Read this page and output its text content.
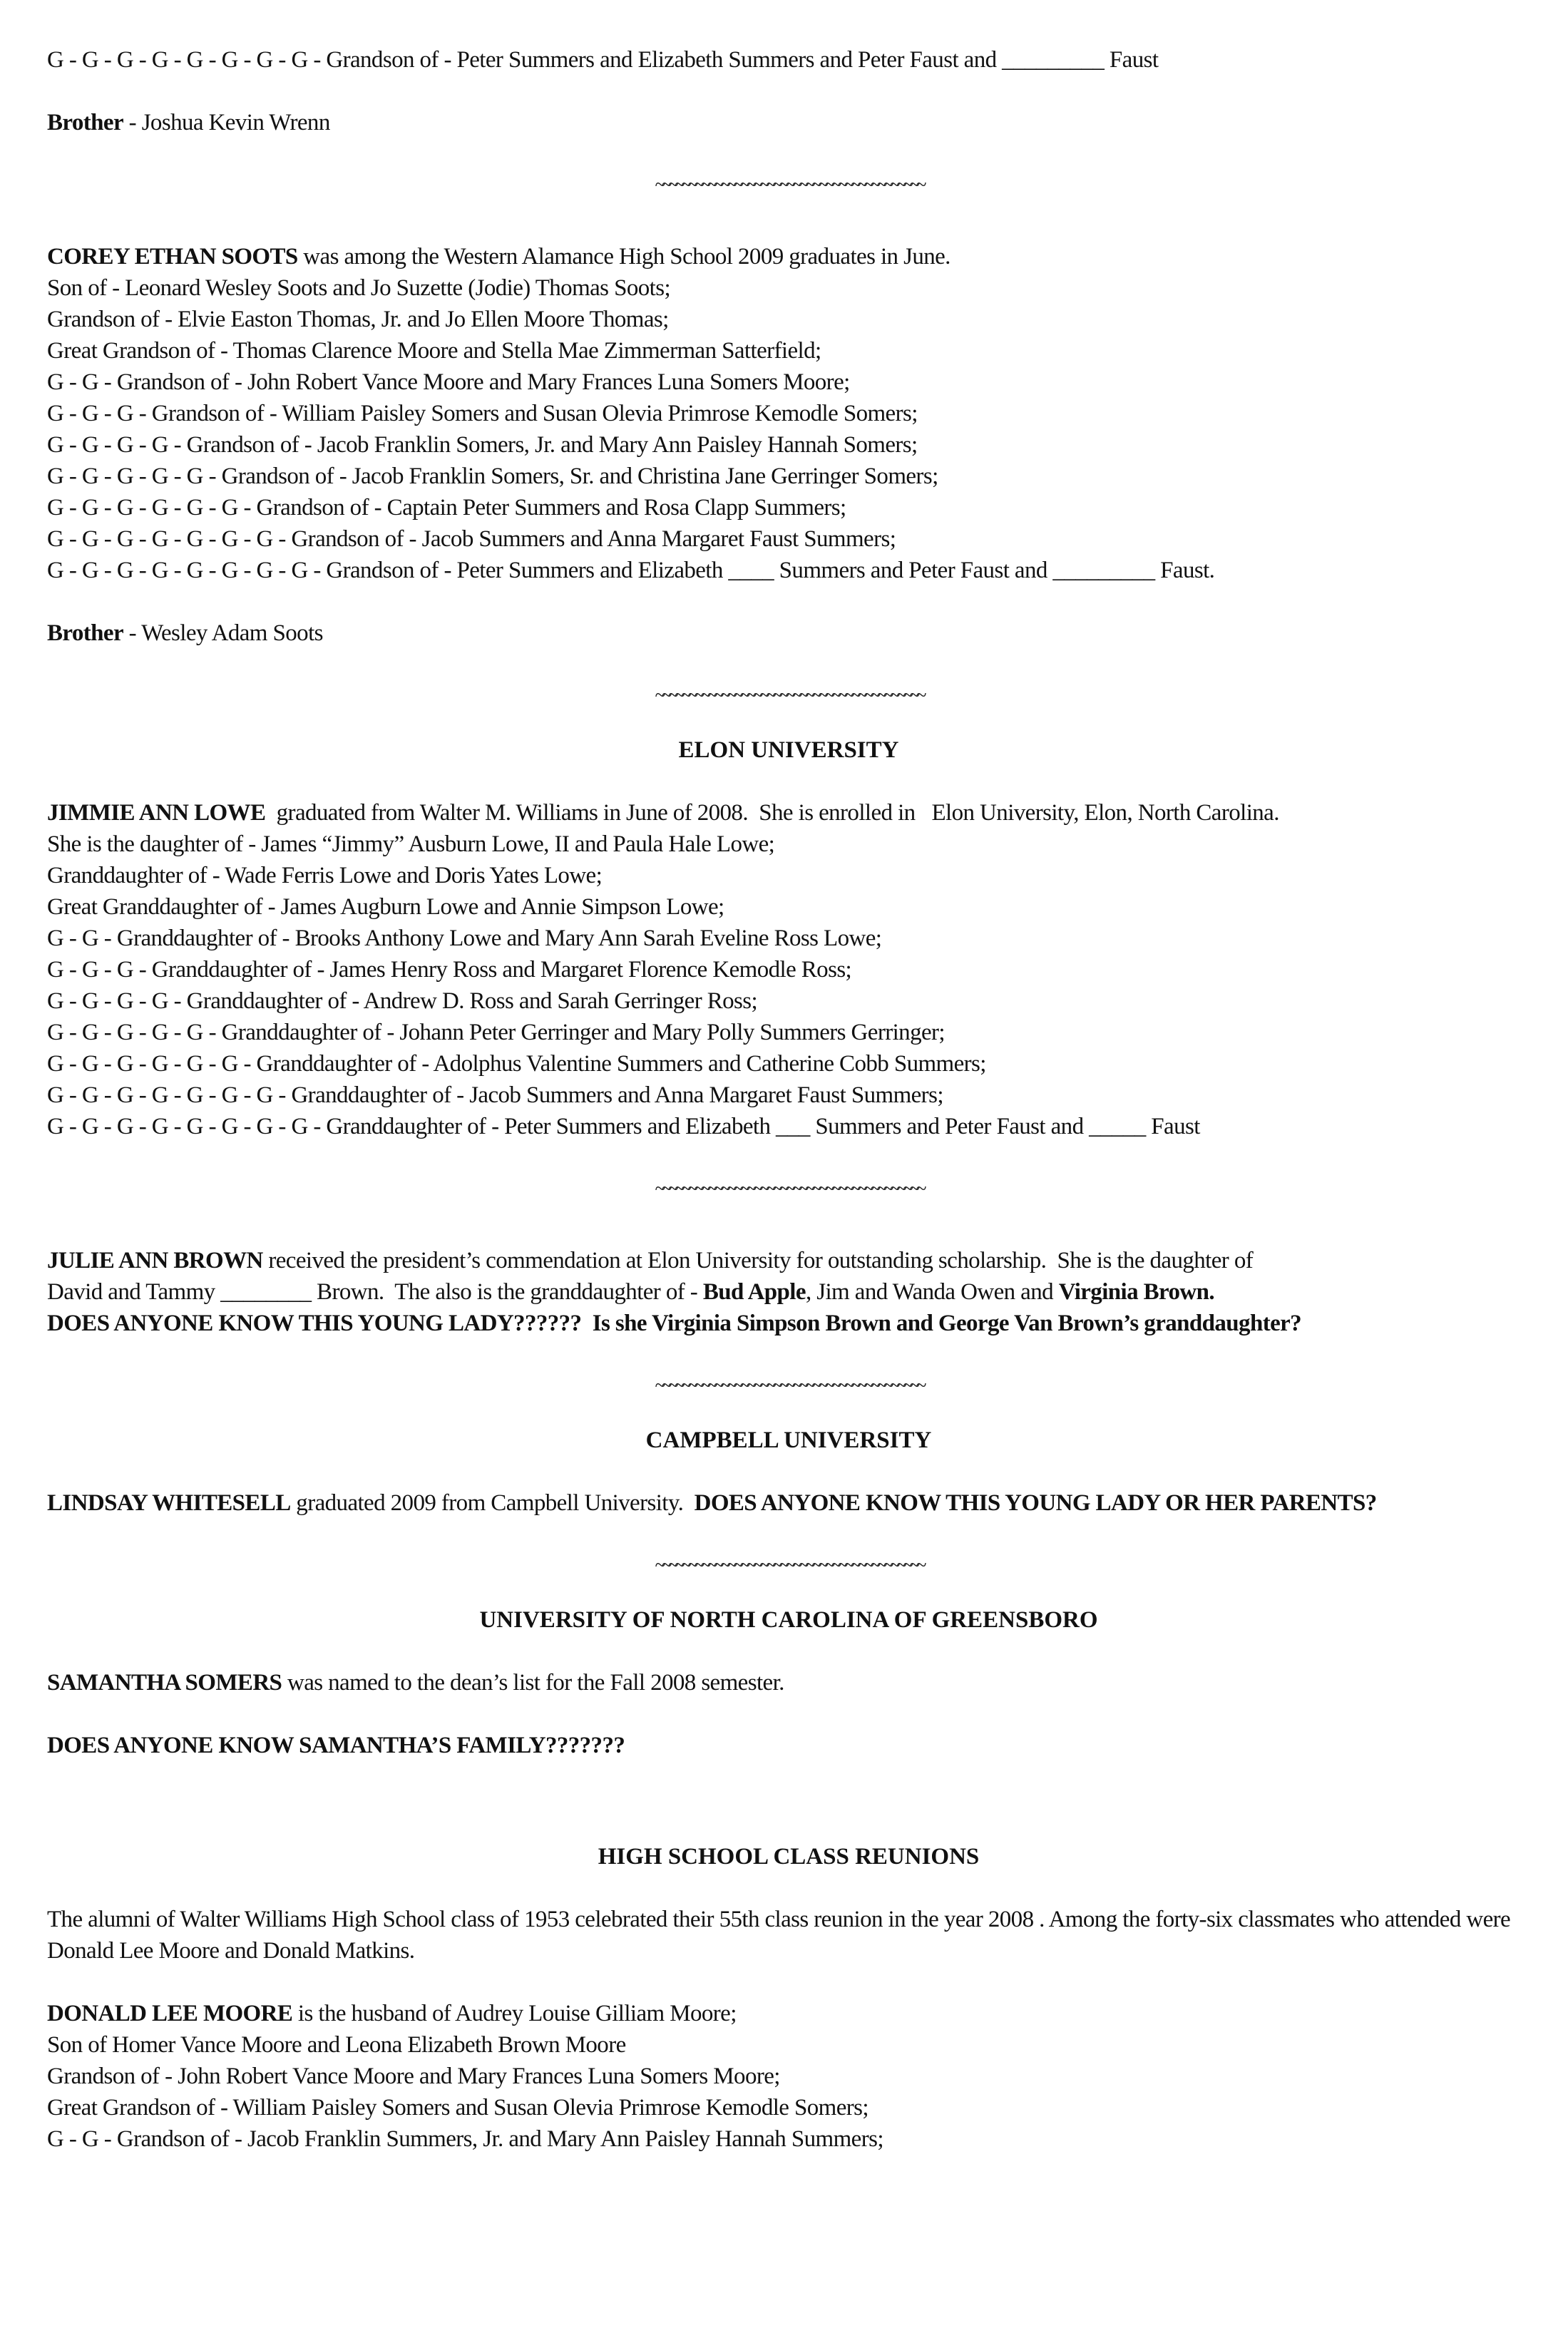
G - G - G - G - G - G - G - G - Grandson of - Peter Summers and Elizabeth Summers and Peter Faust and _________ Faust

Brother - Joshua Kevin Wrenn

~~~~~~~~~~~~~~~~~~~~~~~~~~~~~~~~~~~~~~~~~

COREY ETHAN SOOTS was among the Western Alamance High School 2009 graduates in June.

Son of - Leonard Wesley Soots and Jo Suzette (Jodie) Thomas Soots;

Grandson of - Elvie Easton Thomas, Jr. and Jo Ellen Moore Thomas;

Great Grandson of - Thomas Clarence Moore and Stella Mae Zimmerman Satterfield;

G - G - Grandson of - John Robert Vance Moore and Mary Frances Luna Somers Moore;

G - G - G - Grandson of - William Paisley Somers and Susan Olevia Primrose Kemodle Somers;

G - G - G - G - Grandson of - Jacob Franklin Somers, Jr. and Mary Ann Paisley Hannah Somers;

G - G - G - G - G - Grandson of - Jacob Franklin Somers, Sr. and Christina Jane Gerringer Somers;

G - G - G - G - G - G - Grandson of - Captain Peter Summers and Rosa Clapp Summers;

G - G - G - G - G - G - G - Grandson of - Jacob Summers and Anna Margaret Faust Summers;

G - G - G - G - G - G - G - G - Grandson of - Peter Summers and Elizabeth ____ Summers and Peter Faust and _________ Faust.

Brother - Wesley Adam Soots

~~~~~~~~~~~~~~~~~~~~~~~~~~~~~~~~~~~~~~~~~

ELON UNIVERSITY

JIMMIE ANN LOWE  graduated from Walter M. Williams in June of 2008.  She is enrolled in   Elon University, Elon, North Carolina.

She is the daughter of - James “Jimmy” Ausburn Lowe, II and Paula Hale Lowe;

Granddaughter of - Wade Ferris Lowe and Doris Yates Lowe;

Great Granddaughter of - James Augburn Lowe and Annie Simpson Lowe;

G - G - Granddaughter of - Brooks Anthony Lowe and Mary Ann Sarah Eveline Ross Lowe;

G - G - G - Granddaughter of - James Henry Ross and Margaret Florence Kemodle Ross;

G - G - G - G - Granddaughter of - Andrew D. Ross and Sarah Gerringer Ross;

G - G - G - G - G - Granddaughter of - Johann Peter Gerringer and Mary Polly Summers Gerringer;

G - G - G - G - G - G - Granddaughter of - Adolphus Valentine Summers and Catherine Cobb Summers;

G - G - G - G - G - G - G - Granddaughter of - Jacob Summers and Anna Margaret Faust Summers;

G - G - G - G - G - G - G - G - Granddaughter of - Peter Summers and Elizabeth ___ Summers and Peter Faust and _____ Faust

~~~~~~~~~~~~~~~~~~~~~~~~~~~~~~~~~~~~~~~~~

JULIE ANN BROWN received the president’s commendation at Elon University for outstanding scholarship.  She is the daughter of

David and Tammy ________ Brown.  The also is the granddaughter of - Bud Apple, Jim and Wanda Owen and Virginia Brown.

DOES ANYONE KNOW THIS YOUNG LADY??????  Is she Virginia Simpson Brown and George Van Brown’s granddaughter?

~~~~~~~~~~~~~~~~~~~~~~~~~~~~~~~~~~~~~~~~~

CAMPBELL UNIVERSITY

LINDSAY WHITESELL graduated 2009 from Campbell University.  DOES ANYONE KNOW THIS YOUNG LADY OR HER PARENTS?

~~~~~~~~~~~~~~~~~~~~~~~~~~~~~~~~~~~~~~~~~

UNIVERSITY OF NORTH CAROLINA OF GREENSBORO

SAMANTHA SOMERS was named to the dean’s list for the Fall 2008 semester.

DOES ANYONE KNOW SAMANTHA’S FAMILY???????

HIGH SCHOOL CLASS REUNIONS

The alumni of Walter Williams High School class of 1953 celebrated their 55th class reunion in the year 2008 . Among the forty-six classmates who attended were Donald Lee Moore and Donald Matkins.

DONALD LEE MOORE is the husband of Audrey Louise Gilliam Moore;

Son of Homer Vance Moore and Leona Elizabeth Brown Moore

Grandson of - John Robert Vance Moore and Mary Frances Luna Somers Moore;

Great Grandson of - William Paisley Somers and Susan Olevia Primrose Kemodle Somers;

G - G - Grandson of - Jacob Franklin Summers, Jr. and Mary Ann Paisley Hannah Summers;
